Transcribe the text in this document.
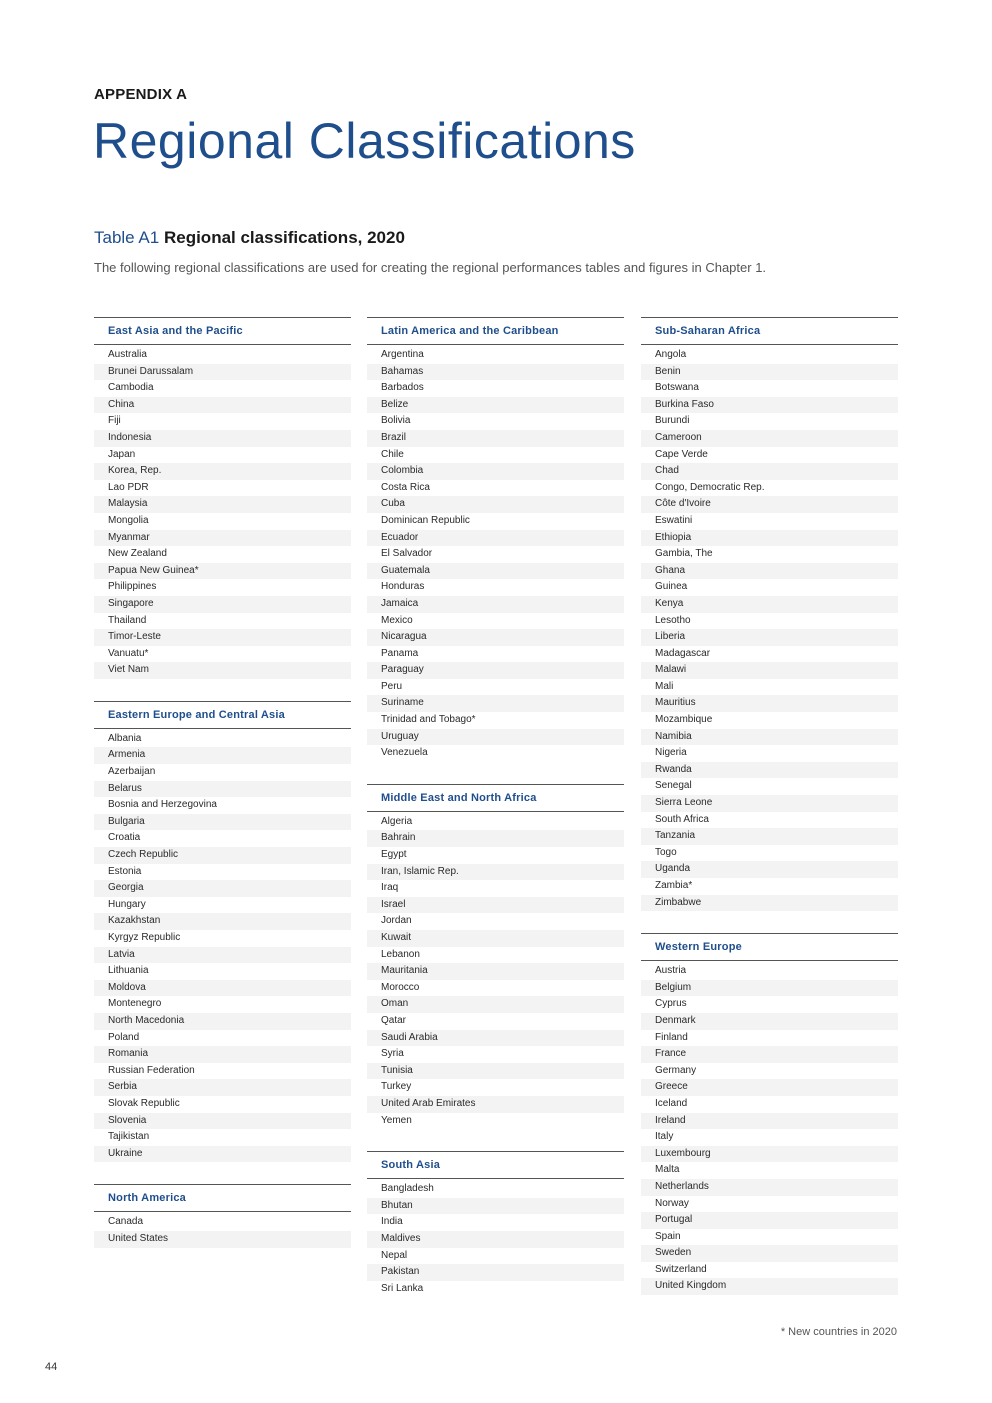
APPENDIX A
Regional Classifications
Table A1 Regional classifications, 2020
The following regional classifications are used for creating the regional performances tables and figures in Chapter 1.
East Asia and the Pacific
Australia
Brunei Darussalam
Cambodia
China
Fiji
Indonesia
Japan
Korea, Rep.
Lao PDR
Malaysia
Mongolia
Myanmar
New Zealand
Papua New Guinea*
Philippines
Singapore
Thailand
Timor-Leste
Vanuatu*
Viet Nam
Eastern Europe and Central Asia
Albania
Armenia
Azerbaijan
Belarus
Bosnia and Herzegovina
Bulgaria
Croatia
Czech Republic
Estonia
Georgia
Hungary
Kazakhstan
Kyrgyz Republic
Latvia
Lithuania
Moldova
Montenegro
North Macedonia
Poland
Romania
Russian Federation
Serbia
Slovak Republic
Slovenia
Tajikistan
Ukraine
North America
Canada
United States
Latin America and the Caribbean
Argentina
Bahamas
Barbados
Belize
Bolivia
Brazil
Chile
Colombia
Costa Rica
Cuba
Dominican Republic
Ecuador
El Salvador
Guatemala
Honduras
Jamaica
Mexico
Nicaragua
Panama
Paraguay
Peru
Suriname
Trinidad and Tobago*
Uruguay
Venezuela
Middle East and North Africa
Algeria
Bahrain
Egypt
Iran, Islamic Rep.
Iraq
Israel
Jordan
Kuwait
Lebanon
Mauritania
Morocco
Oman
Qatar
Saudi Arabia
Syria
Tunisia
Turkey
United Arab Emirates
Yemen
South Asia
Bangladesh
Bhutan
India
Maldives
Nepal
Pakistan
Sri Lanka
Sub-Saharan Africa
Angola
Benin
Botswana
Burkina Faso
Burundi
Cameroon
Cape Verde
Chad
Congo, Democratic Rep.
Côte d'Ivoire
Eswatini
Ethiopia
Gambia, The
Ghana
Guinea
Kenya
Lesotho
Liberia
Madagascar
Malawi
Mali
Mauritius
Mozambique
Namibia
Nigeria
Rwanda
Senegal
Sierra Leone
South Africa
Tanzania
Togo
Uganda
Zambia*
Zimbabwe
Western Europe
Austria
Belgium
Cyprus
Denmark
Finland
France
Germany
Greece
Iceland
Ireland
Italy
Luxembourg
Malta
Netherlands
Norway
Portugal
Spain
Sweden
Switzerland
United Kingdom
* New countries in 2020
44
